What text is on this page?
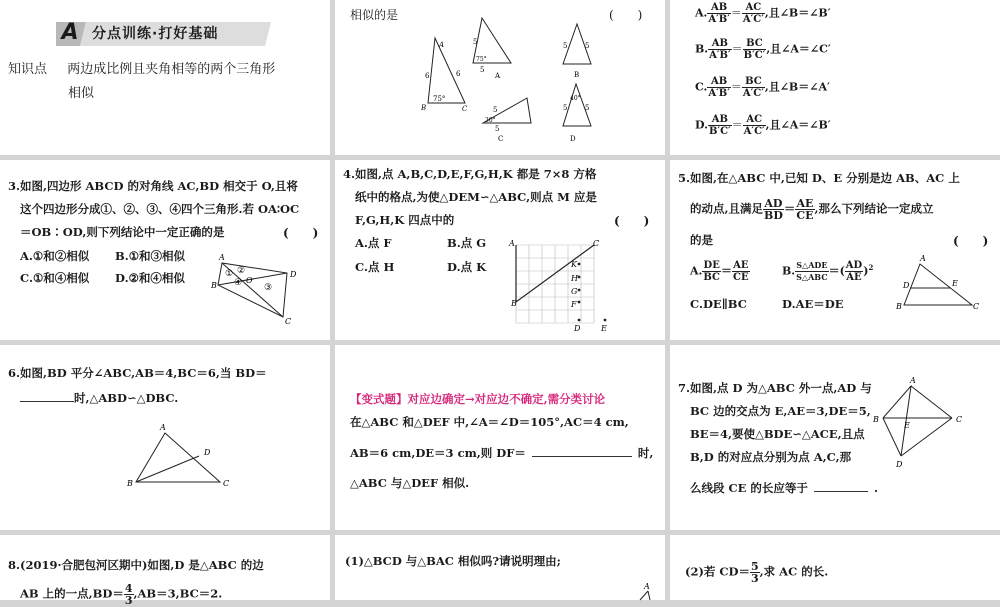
A 分点训练·打好基础
知识点 两边成比例且夹角相等的两个三角形
相似
相似的是	(　　)
A
B	C
6	6
75°
5
5
75°
A
5	5
B
5
5
30°
C
5	5
40°
D
A. $\frac{AB}{A'B'} = \frac{AC}{A'C'}$ ,且∠B＝∠B′
B. $\frac{AB}{A'B'} = \frac{BC}{B'C'}$ ,且∠A＝∠C′
C. $\frac{AB}{A'B'} = \frac{BC}{A'C'}$ ,且∠B＝∠A′
D. $\frac{AB}{B'C'} = \frac{AC}{A'C'}$ ,且∠A＝∠B′
3.如图,四边形 ABCD 的对角线 AC,BD 相交于 O,且将
这个四边形分成①、②、③、④四个三角形.若 OA∶OC
＝OB∶OD,则下列结论中一定正确的是	(　　)
A.①和②相似 B.①和③相似
C.①和④相似 D.②和④相似
A
B
C
D
O
① ②
③
④
4.如图,点 A,B,C,D,E,F,G,H,K 都是 7×8 方格
纸中的格点,为使△DEM∽△ABC,则点 M 应是
F,G,H,K 四点中的	(　　)
A.点 F	B.点 G
C.点 H	D.点 K
A
B
C
K
H
G
F
D	E
5.如图,在△ABC 中,已知 D、E 分别是边 AB、AC 上
的动点,且满足 $\frac{AD}{BD} = \frac{AE}{CE}$ ,那么下列结论一定成立
的是	(　　)
A. $\frac{DE}{BC} = \frac{AE}{CE}$	B. $\frac{\text{S△ADE}}{\text{S△ABC}}$ ＝( $\frac{AD}{AE} )^2$
C.DE∥BC	D.AE＝DE
A
B	C
D	E
6.如图,BD 平分∠ABC,AB＝4,BC＝6,当 BD＝
时,△ABD∽△DBC.
A
B	C
D
【变式题】对应边确定→对应边不确定,需分类讨论
在△ABC 和△DEF 中,∠A＝∠D＝105°,AC＝4 cm,
AB＝6 cm,DE＝3 cm,则 DF＝	时,
△ABC 与△DEF 相似.
7.如图,点 D 为△ABC 外一点,AD 与
BC 边的交点为 E,AE＝3,DE＝5,
BE＝4,要使△BDE∽△ACE,且点
B,D 的对应点分别为点 A,C,那
么线段 CE 的长应等于	.
A
B	C
D
E
8.(2019·合肥包河区期中)如图,D 是△ABC 的边
AB 上的一点$,BD= \frac{4}{3} ,AB=3,BC=2$.
(1)△BCD 与△BAC 相似吗?请说明理由;
A
(2)若 $CD= \frac{5}{3}$ ,求 AC 的长.
